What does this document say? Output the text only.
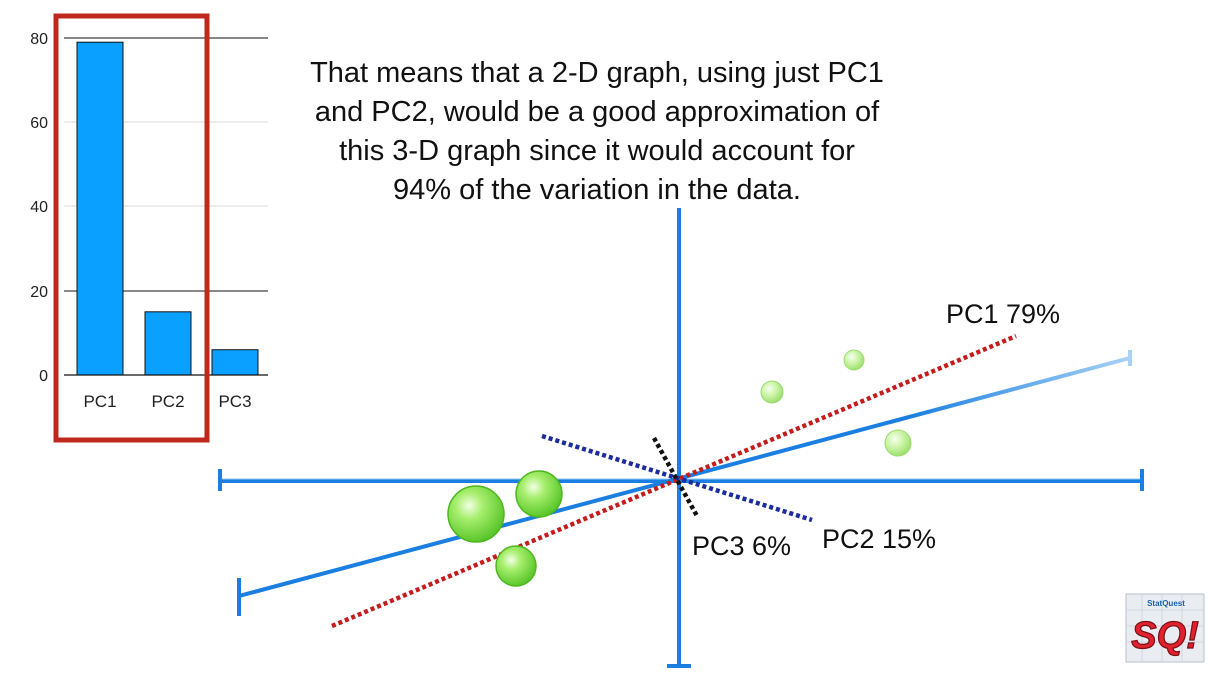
80
60
40
20
0
PC1 PC2 PC3
PC1 79%
PC2 15%
PC3 6%

That means that a 2-D graph, using just PC1
and PC2, would be a good approximation of
this 3-D graph since it would account for
94% of the variation in the data.

StatQuest
SQ!
